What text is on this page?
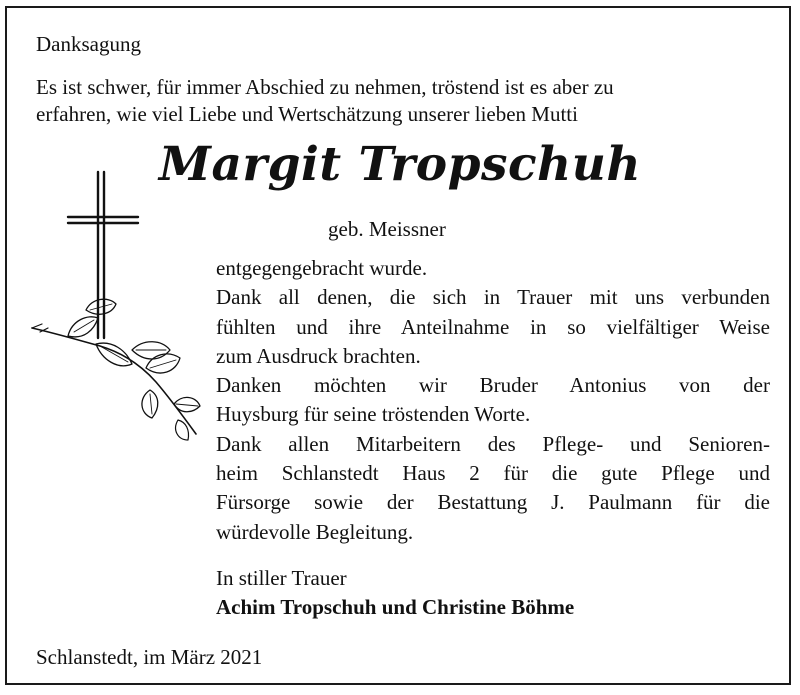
Danksagung

Es ist schwer, für immer Abschied zu nehmen, tröstend ist es aber zu

erfahren, wie viel Liebe und Wertschätzung unserer lieben Mutti

Margit Tropschuh

geb. Meissner

entgegengebracht wurde.
Dank all denen, die sich in Trauer mit uns verbunden
fühlten und ihre Anteilnahme in so vielfältiger Weise
zum Ausdruck brachten.
Danken möchten wir Bruder Antonius von der
Huysburg für seine tröstenden Worte.
Dank allen Mitarbeitern des Pflege- und Senioren-
heim Schlanstedt Haus 2 für die gute Pflege und
Fürsorge sowie der Bestattung J. Paulmann für die
würdevolle Begleitung.

In stiller Trauer

Achim Tropschuh und Christine Böhme

Schlanstedt, im März 2021
